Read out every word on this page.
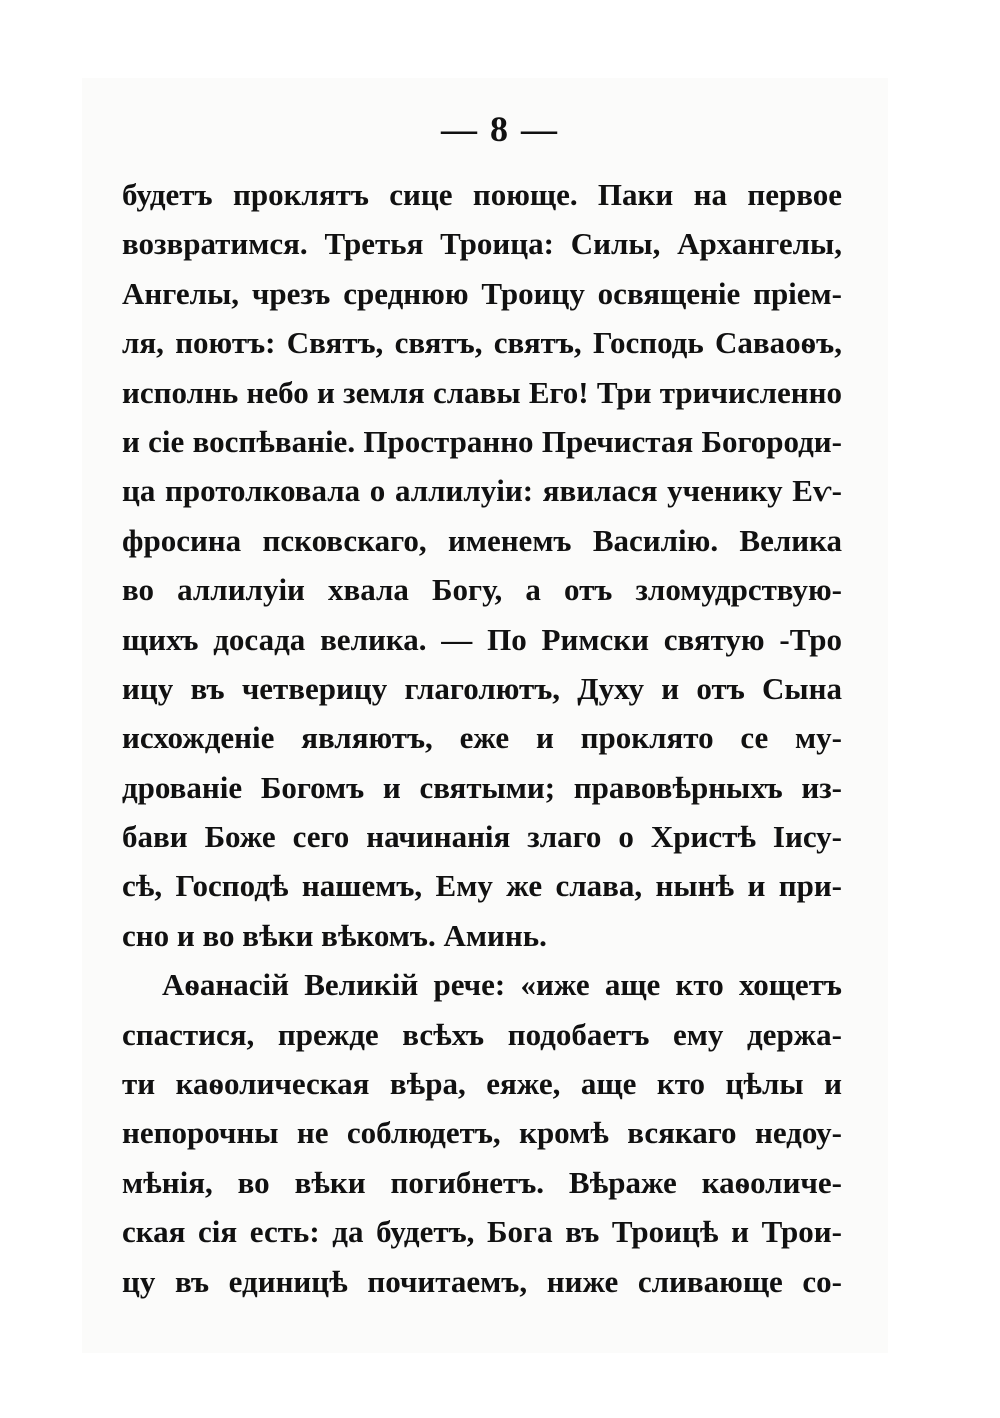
— 8 —
будетъ проклятъ сице поюще. Паки на первое
возвратимся. Третья Троица: Силы, Архангелы,
Ангелы, чрезъ среднюю Троицу освященіе пріем-
ля, поютъ: Святъ, святъ, святъ, Господь Саваоѳъ,
исполнь небо и земля славы Его! Три тричисленно
и сіе воспѣваніе. Пространно Пречистая Богороди-
ца протолковала о аллилуіи: явилася ученику Еѵ-
фросина псковскаго, именемъ Василію. Велика
во аллилуіи хвала Богу, а отъ зломудрствую-
щихъ досада велика. — По Римски святую -Тро
ицу въ четверицу глаголютъ, Духу и отъ Сына
исхожденіе являютъ, еже и проклято се му-
дрованіе Богомъ и святыми; правовѣрныхъ из-
бави Боже сего начинанія злаго о Христѣ Іису-
сѣ, Господѣ нашемъ, Ему же слава, нынѣ и при-
сно и во вѣки вѣкомъ. Аминь.
Аѳанасій Великій рече: «иже аще кто хощетъ
спастися, прежде всѣхъ подобаетъ ему держа-
ти каѳолическая вѣра, еяже, аще кто цѣлы и
непорочны не соблюдетъ, кромѣ всякаго недоу-
мѣнія, во вѣки погибнетъ. Вѣраже каѳоличе-
ская сія есть: да будетъ, Бога въ Троицѣ и Трои-
цу въ единицѣ почитаемъ, ниже сливающе со-
